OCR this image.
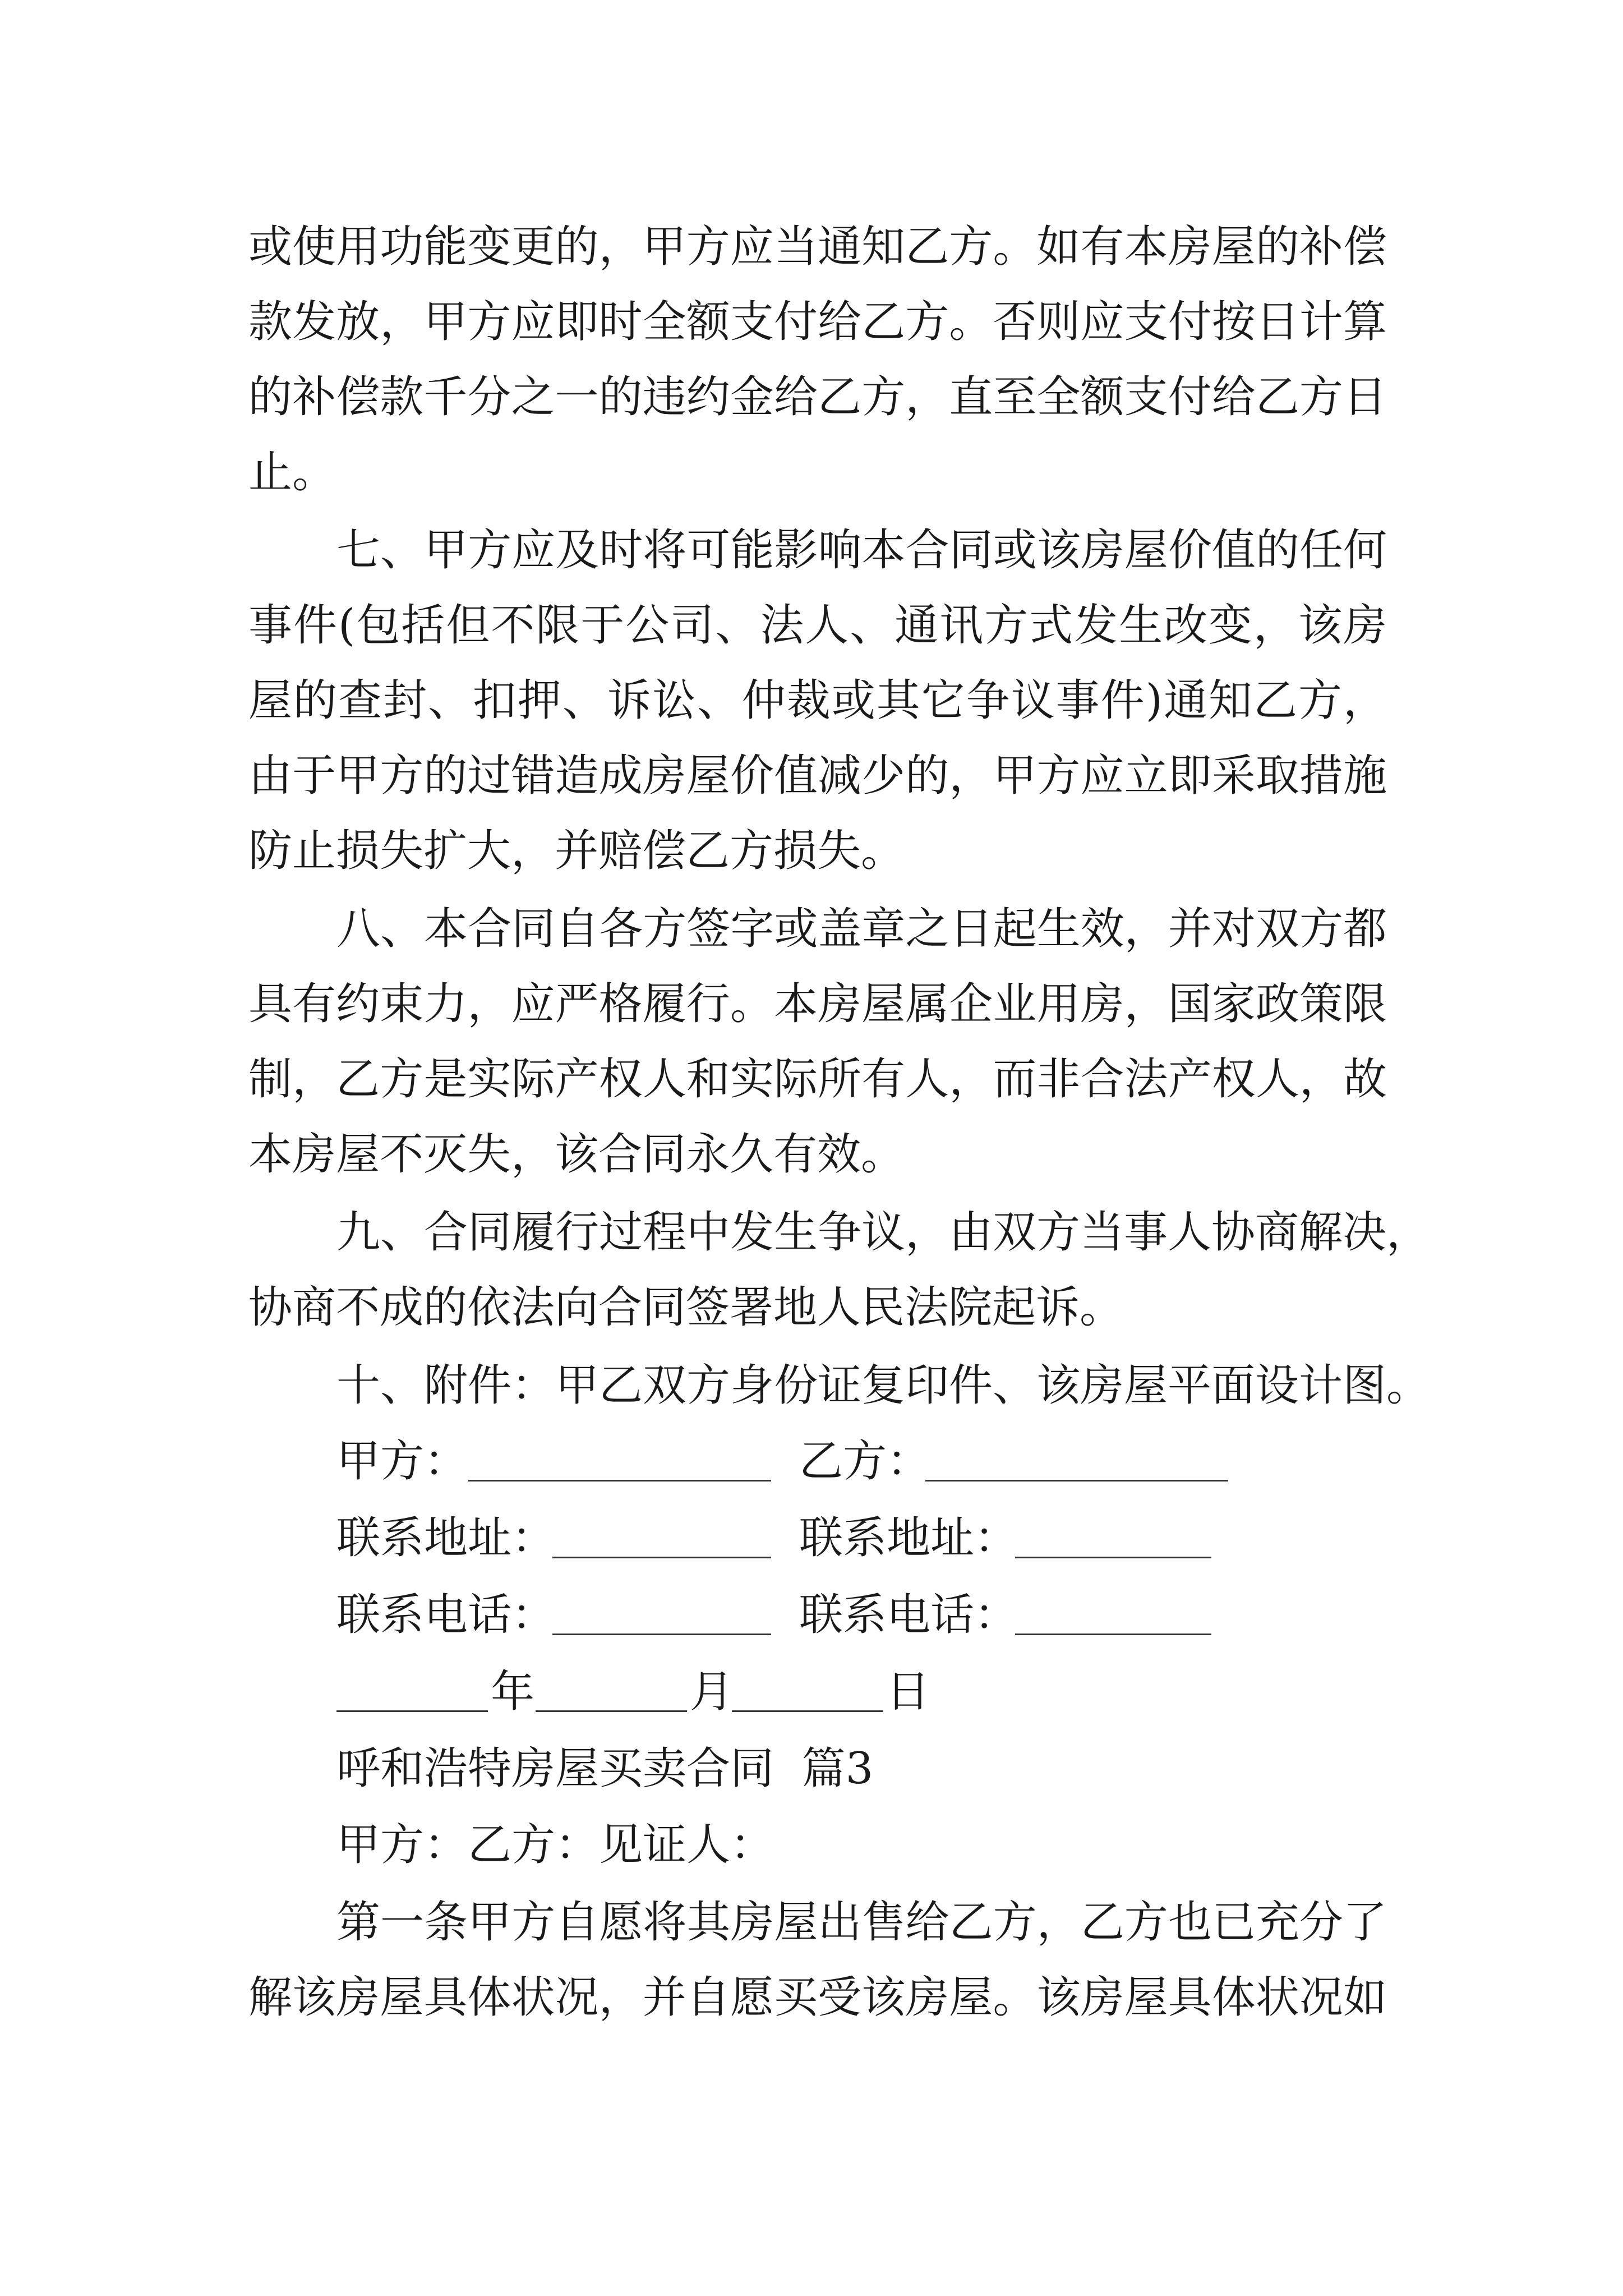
或使用功能变更的，甲方应当通知乙方。如有本房屋的补偿
款发放，甲方应即时全额支付给乙方。否则应支付按日计算
的补偿款千分之一的违约金给乙方，直至全额支付给乙方日
止。
七、甲方应及时将可能影响本合同或该房屋价值的任何
事件(包括但不限于公司、法人、通讯方式发生改变，该房
屋的查封、扣押、诉讼、仲裁或其它争议事件)通知乙方，
由于甲方的过错造成房屋价值减少的，甲方应立即采取措施
防止损失扩大，并赔偿乙方损失。
八、本合同自各方签字或盖章之日起生效，并对双方都
具有约束力，应严格履行。本房屋属企业用房，国家政策限
制，乙方是实际产权人和实际所有人，而非合法产权人，故
本房屋不灭失，该合同永久有效。
九、合同履行过程中发生争议，由双方当事人协商解决，
协商不成的依法向合同签署地人民法院起诉。
十、附件：甲乙双方身份证复印件、该房屋平面设计图。
甲方：	乙方：
联系地址：	联系地址：
联系电话：	联系电话：
年	月	日
呼和浩特房屋买卖合同  篇3
甲方：乙方：见证人：
第一条甲方自愿将其房屋出售给乙方，乙方也已充分了
解该房屋具体状况，并自愿买受该房屋。该房屋具体状况如
